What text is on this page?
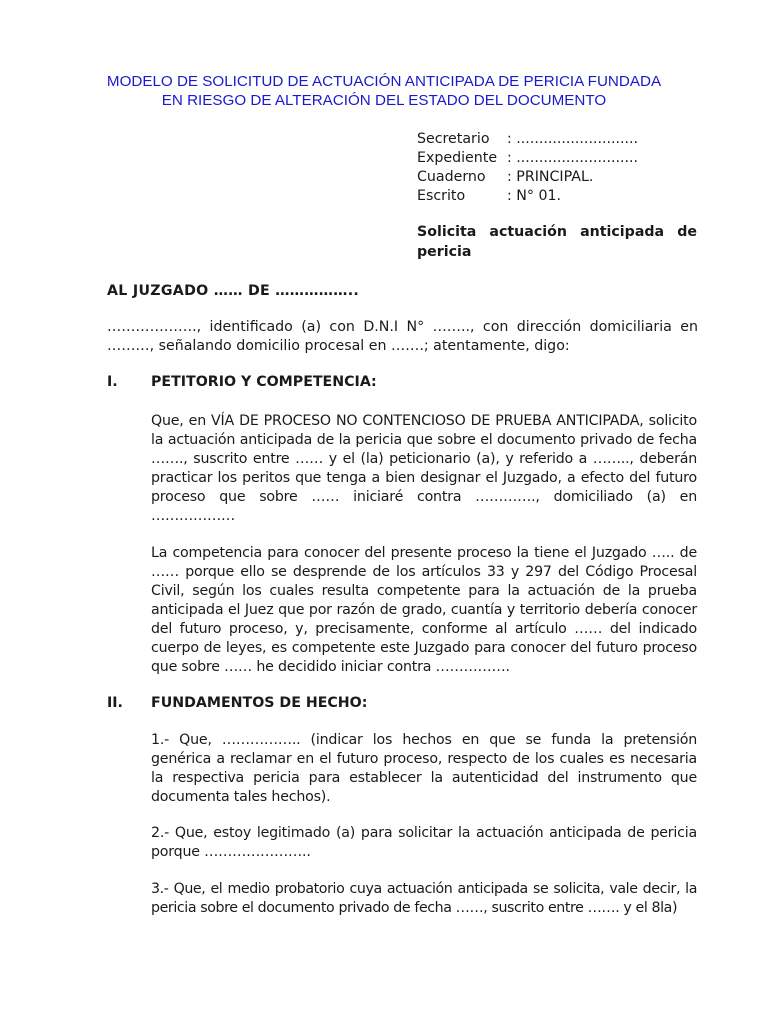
MODELO DE SOLICITUD DE ACTUACIÓN ANTICIPADA DE PERICIA FUNDADA
EN RIESGO DE ALTERACIÓN DEL ESTADO DEL DOCUMENTO
Secretario	: ...........................
Expediente : ...........................
Cuaderno	: PRINCIPAL.
Escrito	: N° 01.
Solicita actuación anticipada de
pericia
AL JUZGADO …… DE ……………..
………………., identificado (a) con D.N.I N° …….., con dirección domiciliaria en ………, señalando domicilio procesal en …….; atentamente, digo:
I. PETITORIO Y COMPETENCIA:
Que, en VÍA DE PROCESO NO CONTENCIOSO DE PRUEBA ANTICIPADA, solicito la actuación anticipada de la pericia que sobre el documento privado de fecha ……., suscrito entre …… y el (la) peticionario (a), y referido a …….., deberán practicar los peritos que tenga a bien designar el Juzgado, a efecto del futuro proceso que sobre …… iniciaré contra …………., domiciliado (a) en ………………
La competencia para conocer del presente proceso la tiene el Juzgado ….. de …… porque ello se desprende de los artículos 33 y 297 del Código Procesal Civil, según los cuales resulta competente para la actuación de la prueba anticipada el Juez que por razón de grado, cuantía y territorio debería conocer del futuro proceso, y, precisamente, conforme al artículo …… del indicado cuerpo de leyes, es competente este Juzgado para conocer del futuro proceso que sobre …… he decidido iniciar contra …………….
II. FUNDAMENTOS DE HECHO:
1.- Que, …………….. (indicar los hechos en que se funda la pretensión genérica a reclamar en el futuro proceso, respecto de los cuales es necesaria la respectiva pericia para establecer la autenticidad del instrumento que documenta tales hechos).
2.- Que, estoy legitimado (a) para solicitar la actuación anticipada de pericia porque …………………..
3.- Que, el medio probatorio cuya actuación anticipada se solicita, vale decir, la pericia sobre el documento privado de fecha ……, suscrito entre ……. y el 8la)
